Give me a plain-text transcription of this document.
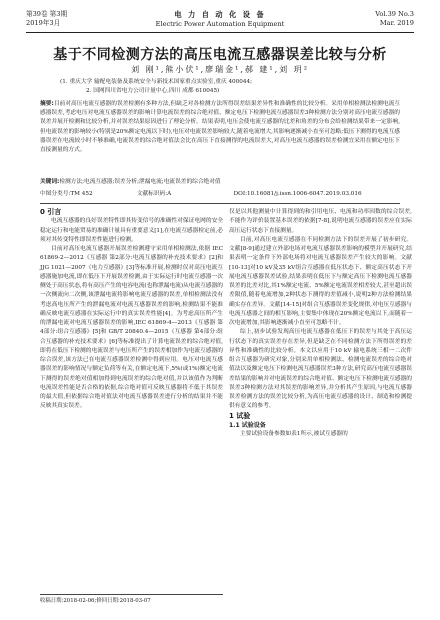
第39卷 第3期
2019年3月
电 力 自 动 化 设 备
Electric Power Automation Equipment
Vol.39 No.3
Mar. 2019
基于不同检测方法的高压电流互感器误差比较与分析
刘 刚¹,熊小伏¹,廖瑞金¹,郝 建¹,刘 玥²
(1. 重庆大学 输配电装备及系统安全与新技术国家重点实验室,重庆 400044;
2. 国网四川省电力公司计量中心,四川 成都 610045)
摘要:目前对高压电流互感器的误差检测有多种方法,但缺乏对各检测方法所得误差结果差异性和准确性的比较分析。采用单相检测法检测电流互感器误差,考虑电压对电流互感器误差的影响计算电流误差的综合绝对值、额定电压下检测电流互感器误差3种检测方法分别对高压电流互感器的误差并展开检测和比较分析,并对误差结果原因进行了理论分析。结果表明,电压会使电流互感器的比差和角差的分布会给检测结果带来一定影响,但电流误差的影响较小(特别是20%额定电流以下时),电压对电流误差影响较大,随着电流增大,其影响逐渐减小直至可忽略;低压下测得的电流互感器误差在电流较小时不够准确,电流误差的综合绝对值法会比在高压下直接测得的电流误差大,对高压电流互感器的误差检测宜采用在额定电压下直接测量的方式。
关键词:检测方法;电流互感器;误差分析;泄漏电流;电流误差的综合绝对值
中图分类号:TM 452	文献标识码:A	DOI:10.16081/j.issn.1006-6047.2019.03.016

0 引言

电流互感器的良好误差特性即其传变信号的准确性对保证电网的安全稳定运行和电能贸易的准确计量具有重要意义[1],在电流互感器检定前,必须对其传变特性即误差性能进行检测。

目前对高压电流互感器开展误差检测遵守采用单相检测法,依据 IEC 61869-2—2012《互感器 第2部分:电流互感器的补充技术要求》[2]和 JJG 1021—2007《电力互感器》[3]等标准开展,检测时仅对高压电流互感器施加电流,即在低压下开展误差检测,由于实际运行时电流互感器一次侧处于高压状态,将有高压产生的电容电流(也称泄漏电流)从电流互感器的一次侧流向二次侧,该泄漏电流将影响电流互感器的误差,单相检测法没有考虑高电压所产生的泄漏电流对电流互感器误差的影响,检测结果不能准确反映电流互感器在实际运行中的真实误差性能[4]。为考虑高压所产生的泄漏电流对电流互感器误差的影响,IEC 61869-4—2013《互感器 第4部分:组合互感器》[5]和 GB/T 20840.4—2015《互感器 第4部分:组合互感器的补充技术要求》[6]等标准提出了计算电流误差的综合绝对值,即将在低压下检测的电流误差与电压所产生的误差相加作为电流互感器的综合误差,该方法已在电流互感器误差检测中得到应用。电压对电流互感器误差的影响情况与额定负荷等有关,在额定电流下,5%(或1%)额定电流下测得的误差绝对值相加得到电流误差的综合绝对值,并以该值作为判断电流误差性能是否合格的依据,综合绝对值可反映互感器将不低于其误差的最大值,但依据综合绝对值法对电流互感器误差进行分析的结果并不能反映其真实误差。

仅是以其他测量中计算得到的和引用电压、电流和功率因数的综合误差,不能作为评价装置基本误差的依据[7-8],说明电流互感器的误差应在实际高压运行状态下直接测量。

目前,对高压电流互感器在不同检测方法下的误差开展了初步研究。文献[8-9]通过建立外部电场对电流互感器误差影响的模型并开展研究,结果表明一定条件下外部电场将对电流互感器误差产生较大的影响。文献[10-13]对10 kV及35 kV组合互感器在低压状态下、额定高压状态下开展电流互感器误差试验,结果表明在低压下与额定高压下检测电流互感器误差的比差对比,其1%额定电流、5%额定电流误差相差较大,甚至超出误差限值,随着电流增加,2种状态下测得的差值减小,说明2种方法检测结果确实存在差异。文献[14-15]对组合互感器误差变化规律,对电压互感器与电流互感器之间的相互影响,主要集中体现在20%额定电流以下,而随着一次电流增加,其影响逐渐减小直至可忽略不计。

综上,初步试验发现高压电流互感器在低压下的误差与其处于高压运行状态下的真实误差存在差异,但是缺乏在不同检测方法下所得误差的差异性和准确性的比较分析。本文以应用于10 kV 输电系统三相一二次件组合互感器为研究对象,分别采用单相检测法、检测电流误差的综合绝对值法以及额定电压下检测电流互感器误差3种方法,研究高压电流互感器误差结果的影响并对电流误差的综合绝对值、额定电压下检测电流互感器的误差3种检测方法对其误差的影响差异,并分析其产生原因,与电流互感器误差检测方法的误差比较分析,为高压电流互感器的设计、制造和检测提供有意义的参考。

1 试验

1.1 试验设备

主要试验设备参数如表1所示,被试互感器的

收稿日期:2018-02-06;修回日期:2018-03-07
